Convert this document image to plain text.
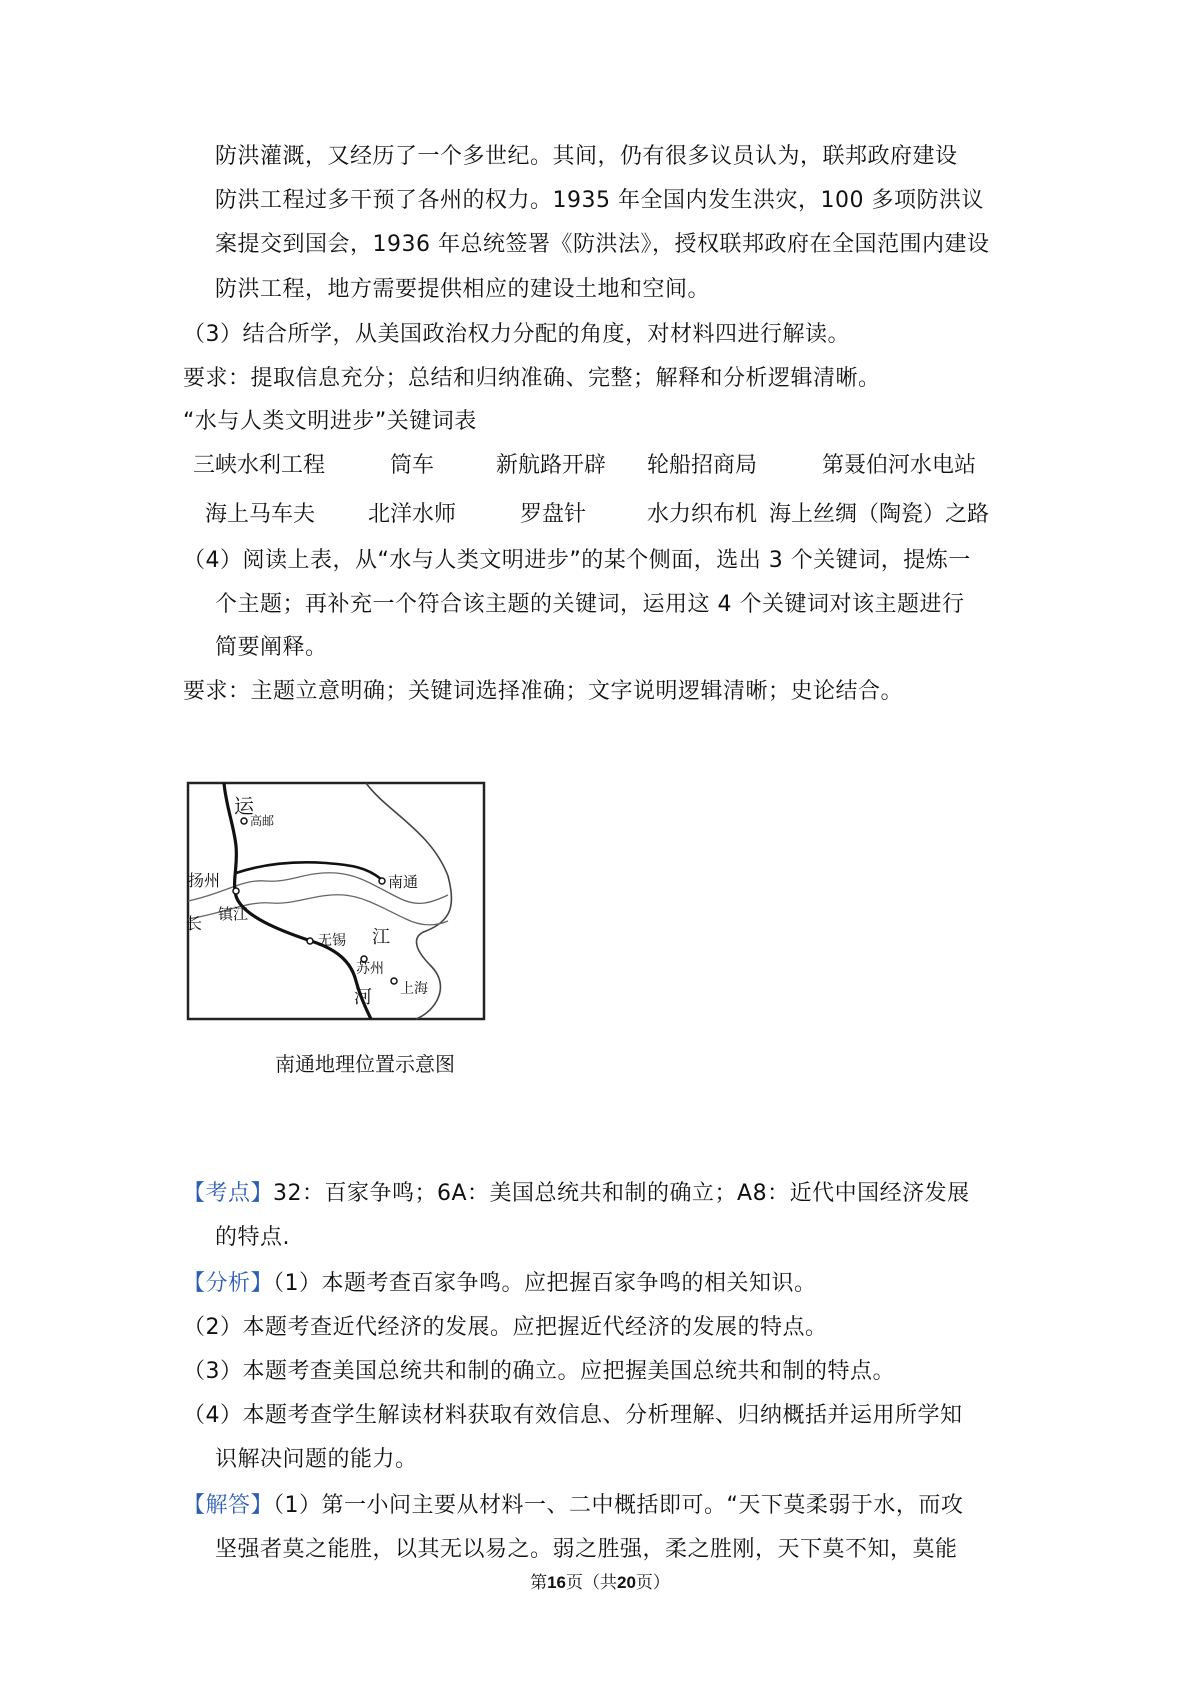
防洪灌溉，又经历了一个多世纪。其间，仍有很多议员认为，联邦政府建设
防洪工程过多干预了各州的权力。1935 年全国内发生洪灾，100 多项防洪议
案提交到国会，1936 年总统签署《防洪法》，授权联邦政府在全国范围内建设
防洪工程，地方需要提供相应的建设土地和空间。
（3）结合所学，从美国政治权力分配的角度，对材料四进行解读。
要求：提取信息充分；总结和归纳准确、完整；解释和分析逻辑清晰。
“水与人类文明进步”关键词表
三峡水利工程	筒车	新航路开辟 轮船招商局	第聂伯河水电站
海上马车夫 北洋水师	罗盘针	水力织布机 海上丝绸（陶瓷）之路
（4）阅读上表，从“水与人类文明进步”的某个侧面，选出 3 个关键词，提炼一
个主题；再补充一个符合该主题的关键词，运用这 4 个关键词对该主题进行
简要阐释。
要求：主题立意明确；关键词选择准确；文字说明逻辑清晰；史论结合。
运
高邮
扬州	南通
长 镇江
无锡 江
苏州
河 上海
南通地理位置示意图
【考点】32：百家争鸣；6A：美国总统共和制的确立；A8：近代中国经济发展
的特点.
【分析】（1）本题考查百家争鸣。应把握百家争鸣的相关知识。
（2）本题考查近代经济的发展。应把握近代经济的发展的特点。
（3）本题考查美国总统共和制的确立。应把握美国总统共和制的特点。
（4）本题考查学生解读材料获取有效信息、分析理解、归纳概括并运用所学知
识解决问题的能力。
【解答】（1）第一小问主要从材料一、二中概括即可。“天下莫柔弱于水，而攻
坚强者莫之能胜，以其无以易之。弱之胜强，柔之胜刚，天下莫不知，莫能
第16页（共20页）
